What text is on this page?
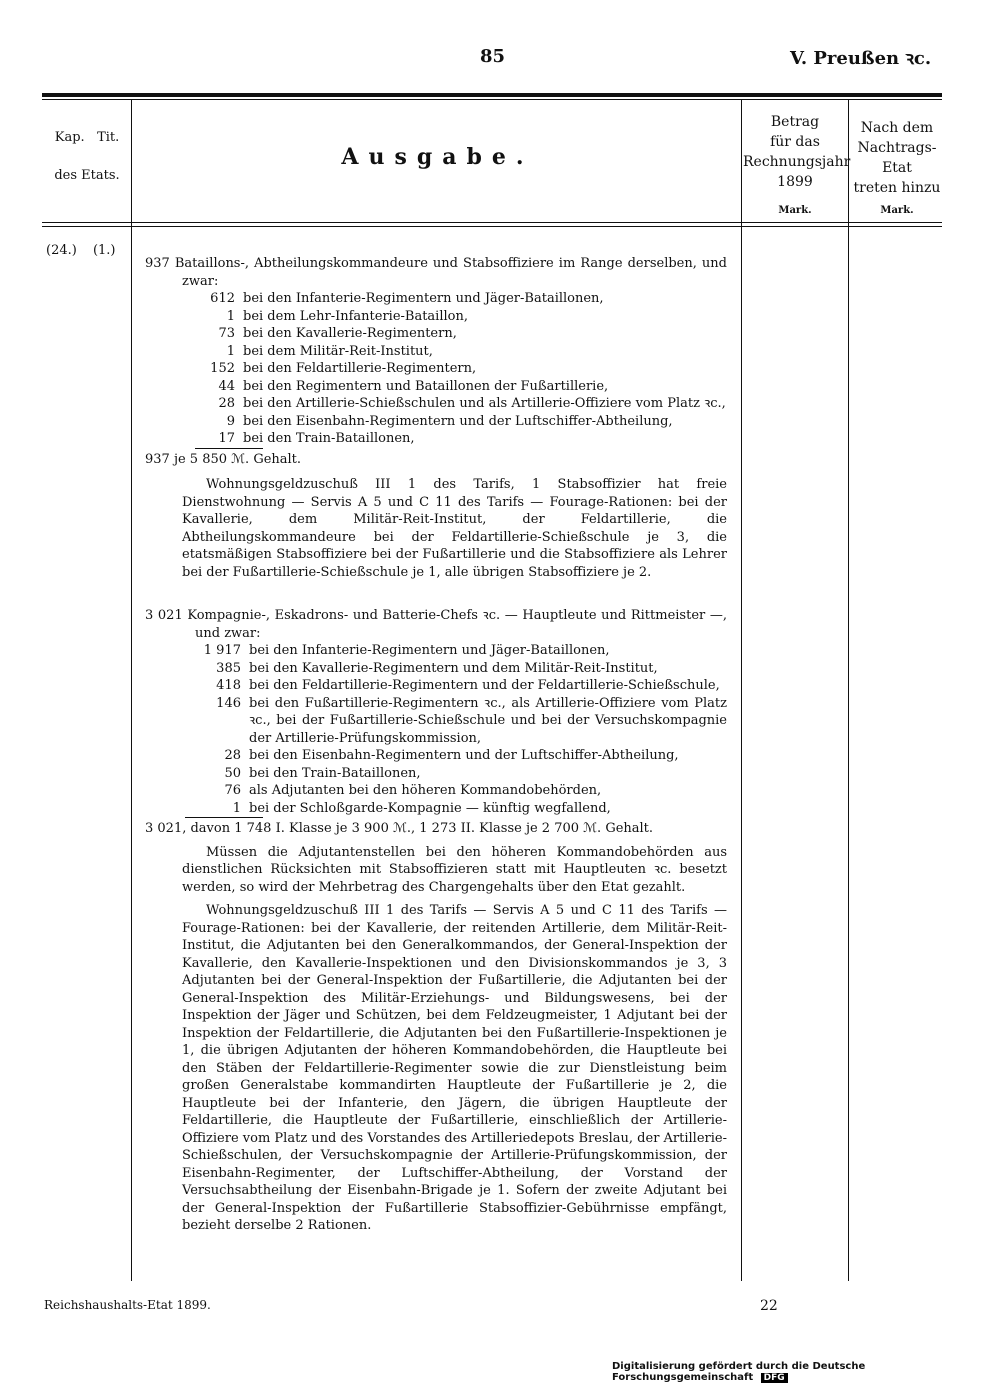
85	V. Preußen ꝛc.
Kap.   Tit.
des Etats.
Ausgabe.
Betrag
für das
Rechnungsjahr
1899
Nach dem
Nachtrags-Etat
treten hinzu
Mark.	Mark.
(24.) (1.)

937 Bataillons-, Abtheilungskommandeure und Stabsoffiziere im Range derselben, und zwar:

612 bei den Infanterie-Regimentern und Jäger-Bataillonen,
1 bei dem Lehr-Infanterie-Bataillon,
73 bei den Kavallerie-Regimentern,
1 bei dem Militär-Reit-Institut,
152 bei den Feldartillerie-Regimentern,
44 bei den Regimentern und Bataillonen der Fußartillerie,
28 bei den Artillerie-Schießschulen und als Artillerie-Offiziere vom Platz ꝛc.,
9 bei den Eisenbahn-Regimentern und der Luftschiffer-Abtheilung,
17 bei den Train-Bataillonen,

937 je 5 850 ℳ. Gehalt.

Wohnungsgeldzuschuß III 1 des Tarifs, 1 Stabsoffizier hat freie Dienstwohnung — Servis A 5 und C 11 des Tarifs — Fourage-Rationen: bei der Kavallerie, dem Militär-Reit-Institut, der Feldartillerie, die Abtheilungskommandeure bei der Feldartillerie-Schießschule je 3, die etatsmäßigen Stabsoffiziere bei der Fußartillerie und die Stabsoffiziere als Lehrer bei der Fußartillerie-Schießschule je 1, alle übrigen Stabsoffiziere je 2.

3 021 Kompagnie-, Eskadrons- und Batterie-Chefs ꝛc. — Hauptleute und Rittmeister —, und zwar:

1 917 bei den Infanterie-Regimentern und Jäger-Bataillonen,
385 bei den Kavallerie-Regimentern und dem Militär-Reit-Institut,
418 bei den Feldartillerie-Regimentern und der Feldartillerie-Schießschule,
146 bei den Fußartillerie-Regimentern ꝛc., als Artillerie-Offiziere vom Platz ꝛc., bei der Fußartillerie-Schießschule und bei der Versuchskompagnie der Artillerie-Prüfungskommission,
28 bei den Eisenbahn-Regimentern und der Luftschiffer-Abtheilung,
50 bei den Train-Bataillonen,
76 als Adjutanten bei den höheren Kommandobehörden,
1 bei der Schloßgarde-Kompagnie — künftig wegfallend,

3 021, davon 1 748 I. Klasse je 3 900 ℳ., 1 273 II. Klasse je 2 700 ℳ. Gehalt.

Müssen die Adjutantenstellen bei den höheren Kommandobehörden aus dienstlichen Rücksichten mit Stabsoffizieren statt mit Hauptleuten ꝛc. besetzt werden, so wird der Mehrbetrag des Chargengehalts über den Etat gezahlt.

Wohnungsgeldzuschuß III 1 des Tarifs — Servis A 5 und C 11 des Tarifs — Fourage-Rationen: bei der Kavallerie, der reitenden Artillerie, dem Militär-Reit-Institut, die Adjutanten bei den Generalkommandos, der General-Inspektion der Kavallerie, den Kavallerie-Inspektionen und den Divisionskommandos je 3, 3 Adjutanten bei der General-Inspektion der Fußartillerie, die Adjutanten bei der General-Inspektion des Militär-Erziehungs- und Bildungswesens, bei der Inspektion der Jäger und Schützen, bei dem Feldzeugmeister, 1 Adjutant bei der Inspektion der Feldartillerie, die Adjutanten bei den Fußartillerie-Inspektionen je 1, die übrigen Adjutanten der höheren Kommandobehörden, die Hauptleute bei den Stäben der Feldartillerie-Regimenter sowie die zur Dienstleistung beim großen Generalstabe kommandirten Hauptleute der Fußartillerie je 2, die Hauptleute bei der Infanterie, den Jägern, die übrigen Hauptleute der Feldartillerie, die Hauptleute der Fußartillerie, einschließlich der Artillerie-Offiziere vom Platz und des Vorstandes des Artilleriedepots Breslau, der Artillerie-Schießschulen, der Versuchskompagnie der Artillerie-Prüfungskommission, der Eisenbahn-Regimenter, der Luftschiffer-Abtheilung, der Vorstand der Versuchsabtheilung der Eisenbahn-Brigade je 1. Sofern der zweite Adjutant bei der General-Inspektion der Fußartillerie Stabsoffizier-Gebührnisse empfängt, bezieht derselbe 2 Rationen.

Reichshaushalts-Etat 1899.	22
Digitalisierung gefördert durch die Deutsche Forschungsgemeinschaft DFG
